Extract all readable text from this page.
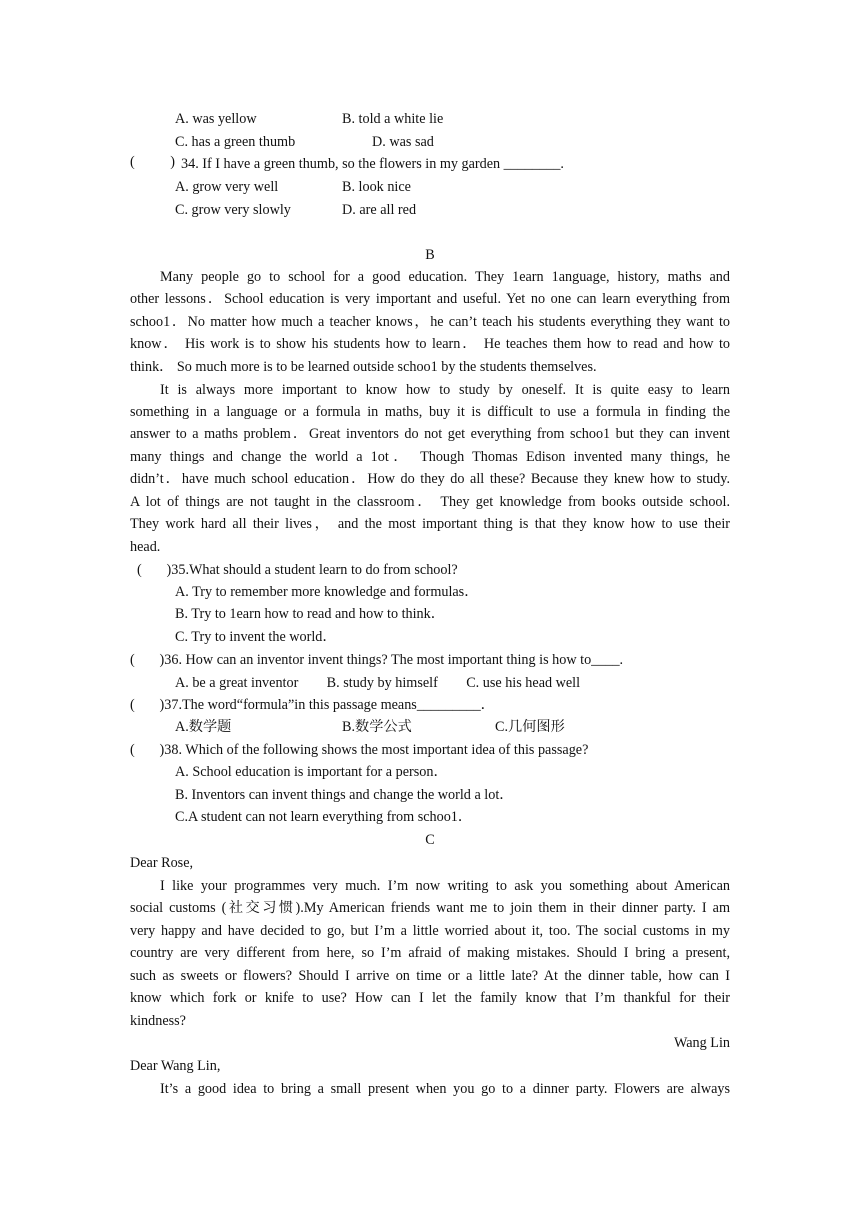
A. was yellow	B. told a white lie
C. has a green thumb	D. was sad
(          ) 34. If I have a green thumb, so the flowers in my garden ________.
A. grow very well	B. look nice
C. grow very slowly	D. are all red
B
Many people go to school for a good education. They 1earn 1anguage, history, maths and
other lessons．School education is very important and useful. Yet no one can learn everything from
schoo1．No matter how much a teacher knows，he can’t teach his students everything they want to
know． His work is to show his students how to learn． He teaches them how to read and how to
think． So much more is to be learned outside schoo1 by the students themselves.
It is always more important to know how to study by oneself. It is quite easy to learn
something in a language or a formula in maths, buy it is difficult to use a formula in finding the
answer to a maths problem．Great inventors do not get everything from schoo1 but they can invent
many things and change the world a 1ot． Though Thomas Edison invented many things, he
didn’t．have much school education．How do they do all these? Because they knew how to study.
A lot of things are not taught in the classroom． They get knowledge from books outside school.
They work hard all their lives， and the most important thing is that they know how to use their
head.
(       )35.What should a student learn to do from school?
A. Try to remember more knowledge and formulas．
B. Try to 1earn how to read and how to think．
C. Try to invent the world．
(       )36. How can an inventor invent things? The most important thing is how to____.
A. be a great inventor        B. study by himself        C. use his head well
(       )37.The word“formula”in this passage means_________．
A.数学题	B.数学公式	C.几何图形
(       )38. Which of the following shows the most important idea of this passage?
A. School education is important for a person．
B. Inventors can invent things and change the world a lot．
C.A student can not learn everything from schoo1．
C
Dear Rose,
I like your programmes very much. I’m now writing to ask you something about American
social customs (社交习惯).My American friends want me to join them in their dinner party. I am
very happy and have decided to go, but I’m a little worried about it, too. The social customs in my
country are very different from here, so I’m afraid of making mistakes. Should I bring a present,
such as sweets or flowers? Should I arrive on time or a little late? At the dinner table, how can I
know which fork or knife to use? How can I let the family know that I’m thankful for their
kindness?
Wang Lin
Dear Wang Lin,
It’s a good idea to bring a small present when you go to a dinner party. Flowers are always
